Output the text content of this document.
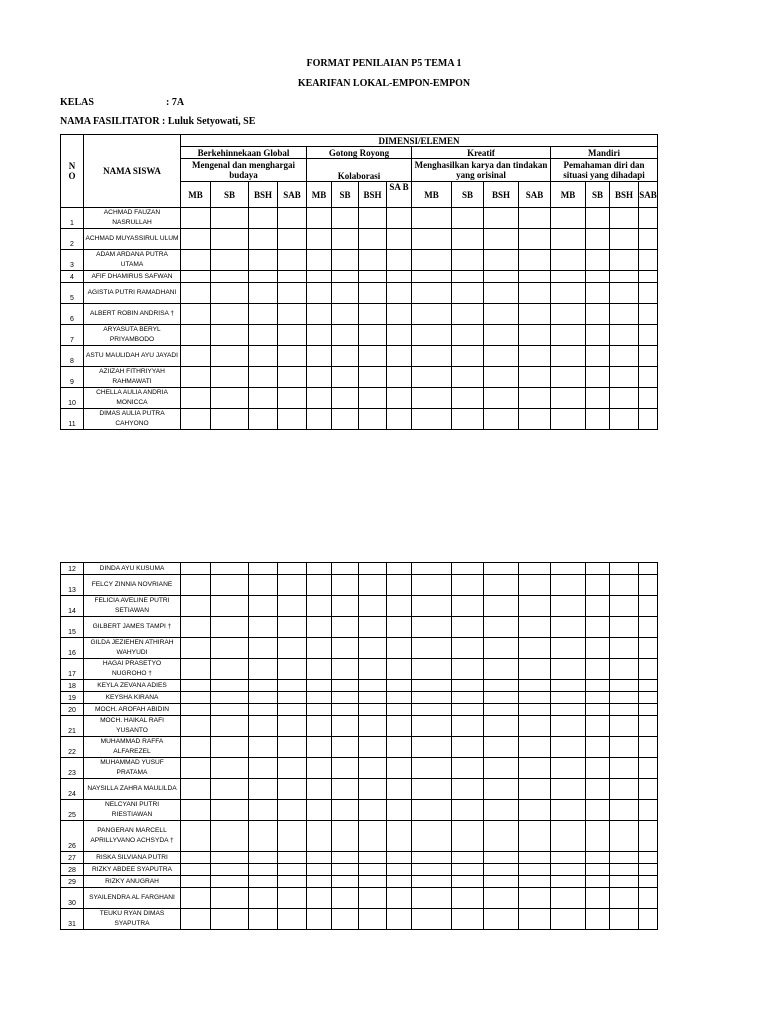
FORMAT PENILAIAN P5 TEMA 1
KEARIFAN LOKAL-EMPON-EMPON
KELAS	: 7A
NAMA FASILITATOR : Luluk Setyowati, SE
N O	NAMA SISWA	DIMENSI/ELEMEN															
		Berkehinnekaan Global				Gotong Royong				Kreatif				Mandiri			
		Mengenal dan menghargai budaya				Kolaborasi				Menghasilkan karya dan tindakan yang orisinal				Pemahaman diri dan situasi yang dihadapi			
		MB	SB	BSH	SAB	MB	SB	BSH	SA B	MB	SB	BSH	SAB	MB	SB	BSH	SAB
1	ACHMAD FAUZAN NASRULLAH																
2	ACHMAD MUYASSIRUL ULUM																
3	ADAM ARDANA PUTRA UTAMA																
4	AFIF DHAMIRUS SAFWAN																
5	AGISTIA PUTRI RAMADHANI																
6	ALBERT ROBIN ANDRISA †																
7	ARYASUTA BERYL PRIYAMBODO																
8	ASTU MAULIDAH AYU JAYADI																
9	AZIIZAH FITHRIYYAH RAHMAWATI																
10	CHELLA AULIA ANDRIA MONICCA																
11	DIMAS AULIA PUTRA CAHYONO																
12	DINDA AYU KUSUMA																
13	FELCY ZINNIA NOVRIANE																
14	FELICIA AVELINE PUTRI SETIAWAN																
15	GILBERT JAMES TAMPI †																
16	GILDA JEZIEHEN ATHIRAH WAHYUDI																
17	HAGAI PRASETYO NUGROHO †																
18	KEYLA ZEVANA ADIES																
19	KEYSHA KIRANA																
20	MOCH. AROFAH ABIDIN																
21	MOCH. HAIKAL RAFI YUSANTO																
22	MUHAMMAD RAFFA ALFAREZEL																
23	MUHAMMAD YUSUF PRATAMA																
24	NAYSILLA ZAHRA MAULILDA																
25	NELCYANI PUTRI RIESTIAWAN																
26	PANGERAN MARCELL APRILLYVANO ACHSYDA †																
27	RISKA SILVIANA PUTRI																
28	RIZKY ABDEE SYAPUTRA																
29	RIZKY ANUGRAH																
30	SYAILENDRA AL FARGHANI																
31	TEUKU RYAN DIMAS SYAPUTRA																
